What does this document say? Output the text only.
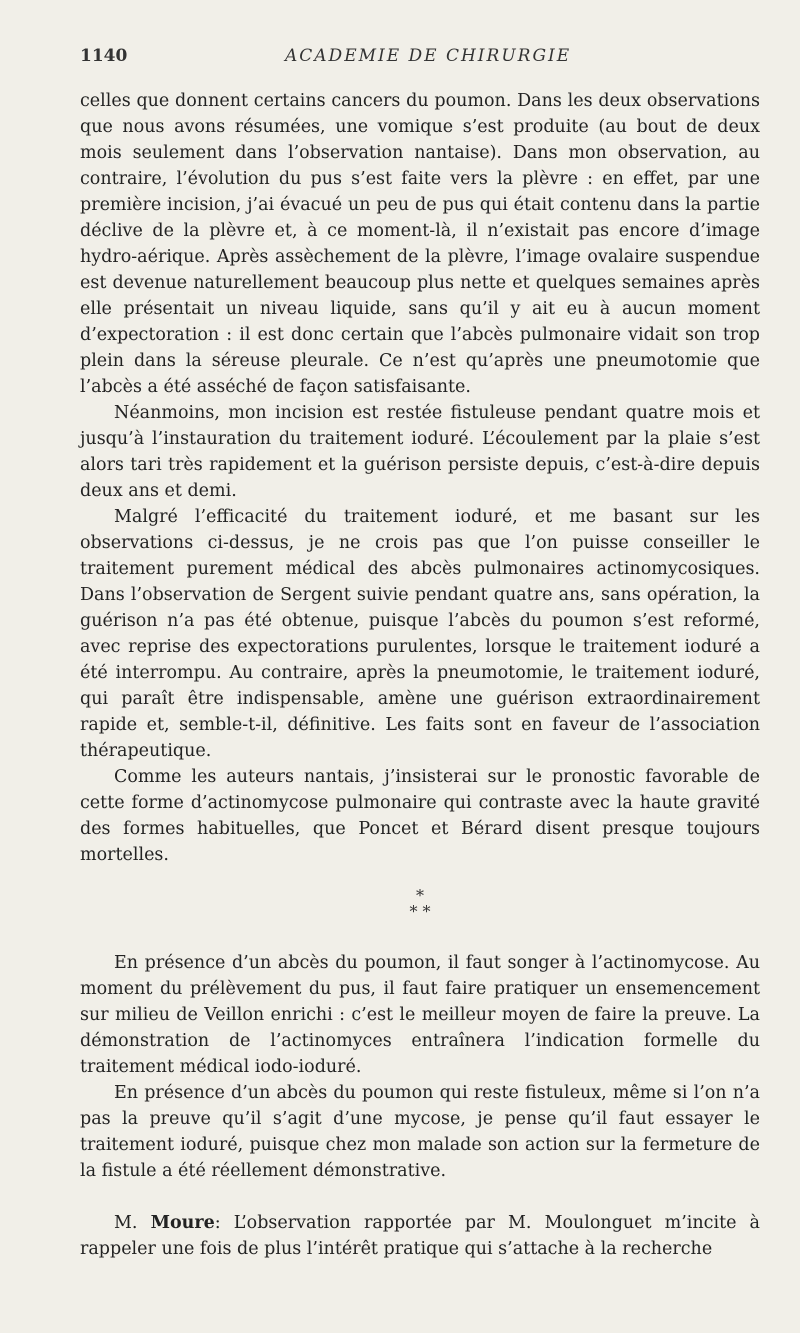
1140	ACADEMIE DE CHIRURGIE

celles que donnent certains cancers du poumon. Dans les deux observations que nous avons résumées, une vomique s’est produite (au bout de deux mois seulement dans l’observation nantaise). Dans mon observation, au contraire, l’évolution du pus s’est faite vers la plèvre : en effet, par une première incision, j’ai évacué un peu de pus qui était contenu dans la partie déclive de la plèvre et, à ce moment-là, il n’existait pas encore d’image hydro-aérique. Après assèchement de la plèvre, l’image ovalaire suspendue est devenue naturellement beaucoup plus nette et quelques semaines après elle présentait un niveau liquide, sans qu’il y ait eu à aucun moment d’expectoration : il est donc certain que l’abcès pulmonaire vidait son trop plein dans la séreuse pleurale. Ce n’est qu’après une pneumotomie que l’abcès a été asséché de façon satisfaisante.

Néanmoins, mon incision est restée fistuleuse pendant quatre mois et jusqu’à l’instauration du traitement ioduré. L’écoulement par la plaie s’est alors tari très rapidement et la guérison persiste depuis, c’est-à-dire depuis deux ans et demi.

Malgré l’efficacité du traitement ioduré, et me basant sur les observations ci-dessus, je ne crois pas que l’on puisse conseiller le traitement purement médical des abcès pulmonaires actinomycosiques. Dans l’observation de Sergent suivie pendant quatre ans, sans opération, la guérison n’a pas été obtenue, puisque l’abcès du poumon s’est reformé, avec reprise des expectorations purulentes, lorsque le traitement ioduré a été interrompu. Au contraire, après la pneumotomie, le traitement ioduré, qui paraît être indispensable, amène une guérison extraordinairement rapide et, semble-t-il, définitive. Les faits sont en faveur de l’association thérapeutique.

Comme les auteurs nantais, j’insisterai sur le pronostic favorable de cette forme d’actinomycose pulmonaire qui contraste avec la haute gravité des formes habituelles, que Poncet et Bérard disent presque toujours mortelles.

*
* *

En présence d’un abcès du poumon, il faut songer à l’actinomycose. Au moment du prélèvement du pus, il faut faire pratiquer un ensemencement sur milieu de Veillon enrichi : c’est le meilleur moyen de faire la preuve. La démonstration de l’actinomyces entraînera l’indication formelle du traitement médical iodo-ioduré.

En présence d’un abcès du poumon qui reste fistuleux, même si l’on n’a pas la preuve qu’il s’agit d’une mycose, je pense qu’il faut essayer le traitement ioduré, puisque chez mon malade son action sur la fermeture de la fistule a été réellement démonstrative.

M. Moure: L’observation rapportée par M. Moulonguet m’incite à rappeler une fois de plus l’intérêt pratique qui s’attache à la recherche
